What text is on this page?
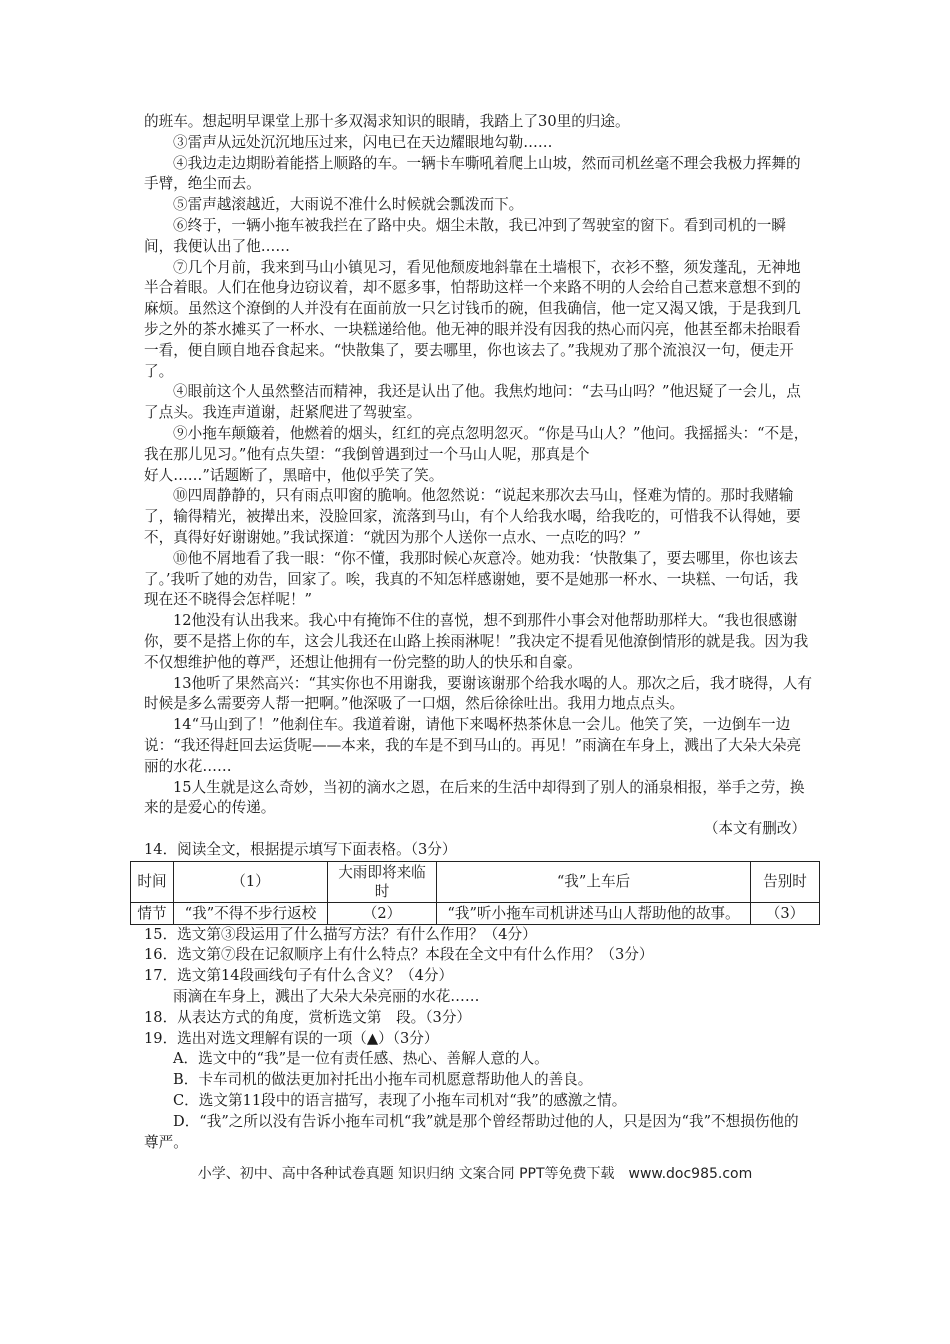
的班车。想起明早课堂上那十多双渴求知识的眼睛，我踏上了30里的归途。

③雷声从远处沉沉地压过来，闪电已在天边耀眼地勾勒……

④我边走边期盼着能搭上顺路的车。一辆卡车嘶吼着爬上山坡，然而司机丝毫不理会我极力挥舞的手臂，绝尘而去。

⑤雷声越滚越近，大雨说不准什么时候就会瓢泼而下。

⑥终于，一辆小拖车被我拦在了路中央。烟尘未散，我已冲到了驾驶室的窗下。看到司机的一瞬间，我便认出了他……

⑦几个月前，我来到马山小镇见习，看见他颓废地斜靠在土墙根下，衣衫不整，须发蓬乱，无神地半合着眼。人们在他身边窃议着，却不愿多事，怕帮助这样一个来路不明的人会给自己惹来意想不到的麻烦。虽然这个潦倒的人并没有在面前放一只乞讨钱币的碗，但我确信，他一定又渴又饿，于是我到几步之外的茶水摊买了一杯水、一块糕递给他。他无神的眼并没有因我的热心而闪亮，他甚至都未抬眼看一看，便自顾自地吞食起来。“快散集了，要去哪里，你也该去了。”我规劝了那个流浪汉一句，便走开了。

④眼前这个人虽然整洁而精神，我还是认出了他。我焦灼地问：“去马山吗？”他迟疑了一会儿，点了点头。我连声道谢，赶紧爬进了驾驶室。

⑨小拖车颠簸着，他燃着的烟头，红红的亮点忽明忽灭。“你是马山人？”他问。我摇摇头：“不是，我在那儿见习。”他有点失望：“我倒曾遇到过一个马山人呢，那真是个

好人……”话题断了，黑暗中，他似乎笑了笑。

⑩四周静静的，只有雨点叩窗的脆响。他忽然说：“说起来那次去马山，怪难为情的。那时我赌输了，输得精光，被撵出来，没脸回家，流落到马山，有个人给我水喝，给我吃的，可惜我不认得她，要不，真得好好谢谢她。”我试探道：“就因为那个人送你一点水、一点吃的吗？”

⑩他不屑地看了我一眼：“你不懂，我那时候心灰意冷。她劝我：‘快散集了，要去哪里，你也该去了。’我听了她的劝告，回家了。唉，我真的不知怎样感谢她，要不是她那一杯水、一块糕、一句话，我现在还不晓得会怎样呢！”

12他没有认出我来。我心中有掩饰不住的喜悦，想不到那件小事会对他帮助那样大。“我也很感谢你，要不是搭上你的车，这会儿我还在山路上挨雨淋呢！”我决定不提看见他潦倒情形的就是我。因为我不仅想维护他的尊严，还想让他拥有一份完整的助人的快乐和自豪。

13他听了果然高兴：“其实你也不用谢我，要谢该谢那个给我水喝的人。那次之后，我才晓得，人有时候是多么需要旁人帮一把啊。”他深吸了一口烟，然后徐徐吐出。我用力地点点头。

14“马山到了！”他刹住车。我道着谢，请他下来喝杯热茶休息一会儿。他笑了笑，一边倒车一边说：“我还得赶回去运货呢——本来，我的车是不到马山的。再见！”雨滴在车身上，溅出了大朵大朵亮丽的水花……

15人生就是这么奇妙，当初的滴水之恩，在后来的生活中却得到了别人的涌泉相报，举手之劳，换来的是爱心的传递。

（本文有删改）

14．阅读全文，根据提示填写下面表格。（3分）

时间	（1）	大雨即将来临时	“我”上车后	告别时
情节	“我”不得不步行返校	（2）	“我”听小拖车司机讲述马山人帮助他的故事。	（3）

15．选文第③段运用了什么描写方法？有什么作用？（4分）

16．选文第⑦段在记叙顺序上有什么特点？本段在全文中有什么作用？（3分）

17．选文第14段画线句子有什么含义？（4分）

雨滴在车身上，溅出了大朵大朵亮丽的水花……

18．从表达方式的角度，赏析选文第　段。（3分）

19．选出对选文理解有误的一项（▲）（3分）

A．选文中的“我”是一位有责任感、热心、善解人意的人。

B．卡车司机的做法更加衬托出小拖车司机愿意帮助他人的善良。

C．选文第11段中的语言描写，表现了小拖车司机对“我”的感激之情。

D．“我”之所以没有告诉小拖车司机“我”就是那个曾经帮助过他的人，只是因为“我”不想损伤他的尊严。

小学、初中、高中各种试卷真题 知识归纳 文案合同 PPT等免费下载　www.doc985.com
